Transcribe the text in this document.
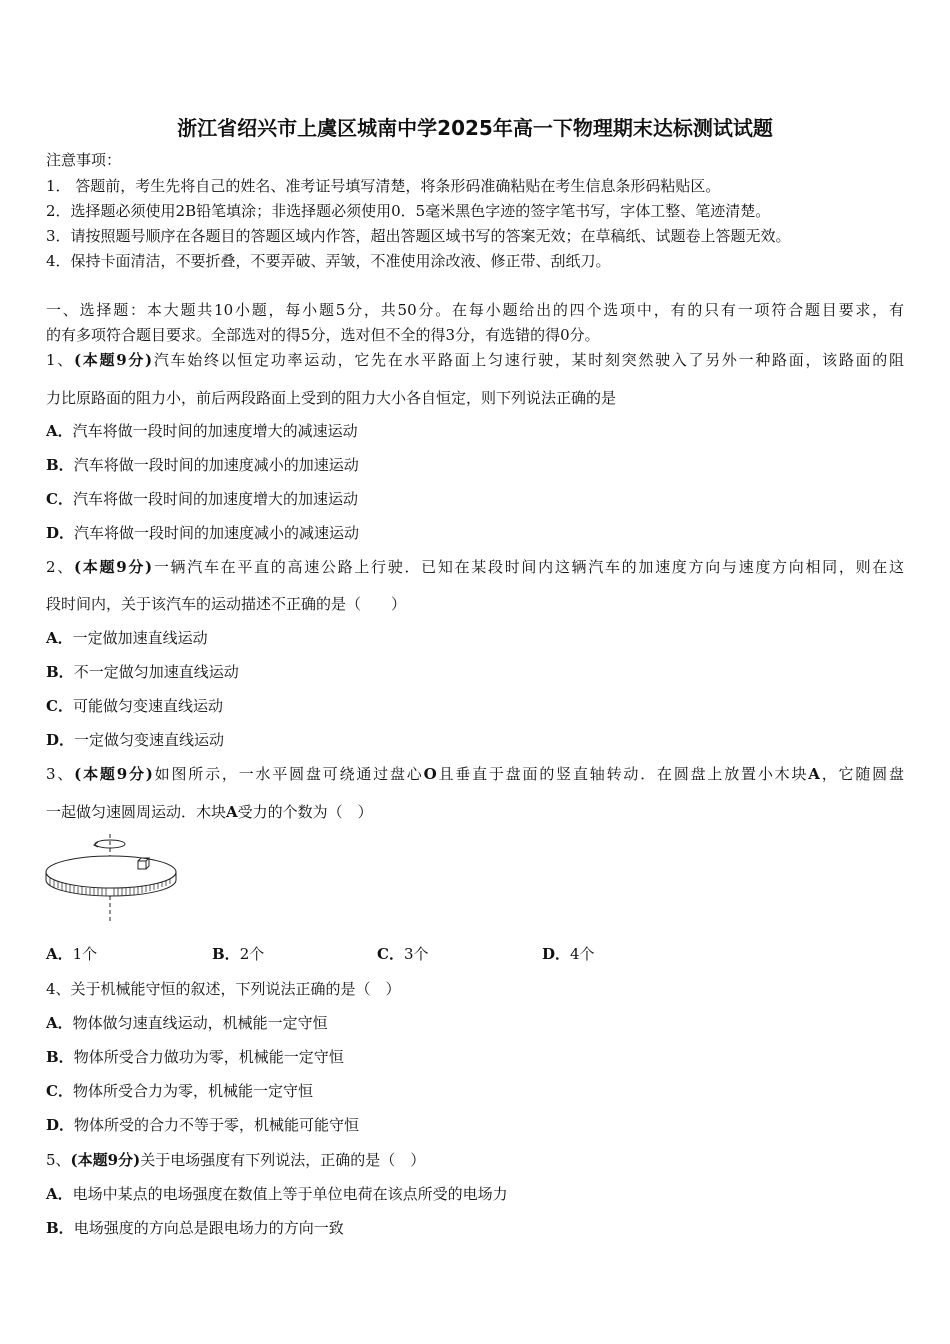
浙江省绍兴市上虞区城南中学2025年高一下物理期末达标测试试题
注意事项：
1． 答题前，考生先将自己的姓名、准考证号填写清楚，将条形码准确粘贴在考生信息条形码粘贴区。
2．选择题必须使用2B铅笔填涂；非选择题必须使用0．5毫米黑色字迹的签字笔书写，字体工整、笔迹清楚。
3．请按照题号顺序在各题目的答题区域内作答，超出答题区域书写的答案无效；在草稿纸、试题卷上答题无效。
4．保持卡面清洁，不要折叠，不要弄破、弄皱，不准使用涂改液、修正带、刮纸刀。
一、选择题：本大题共10小题，每小题5分，共50分。在每小题给出的四个选项中，有的只有一项符合题目要求，有
的有多项符合题目要求。全部选对的得5分，选对但不全的得3分，有选错的得0分。
1、(本题9分)汽车始终以恒定功率运动，它先在水平路面上匀速行驶，某时刻突然驶入了另外一种路面，该路面的阻
力比原路面的阻力小，前后两段路面上受到的阻力大小各自恒定，则下列说法正确的是
A．汽车将做一段时间的加速度增大的减速运动
B．汽车将做一段时间的加速度减小的加速运动
C．汽车将做一段时间的加速度增大的加速运动
D．汽车将做一段时间的加速度减小的减速运动
2、(本题9分)一辆汽车在平直的高速公路上行驶．已知在某段时间内这辆汽车的加速度方向与速度方向相同，则在这
段时间内，关于该汽车的运动描述不正确的是（　　）
A．一定做加速直线运动
B．不一定做匀加速直线运动
C．可能做匀变速直线运动
D．一定做匀变速直线运动
3、(本题9分)如图所示，一水平圆盘可绕通过盘心O且垂直于盘面的竖直轴转动．在圆盘上放置小木块A，它随圆盘
一起做匀速圆周运动．木块A受力的个数为（　）
A．1个	B．2个	C．3个	D．4个
4、关于机械能守恒的叙述，下列说法正确的是（　）
A．物体做匀速直线运动，机械能一定守恒
B．物体所受合力做功为零，机械能一定守恒
C．物体所受合力为零，机械能一定守恒
D．物体所受的合力不等于零，机械能可能守恒
5、(本题9分)关于电场强度有下列说法，正确的是（　）
A．电场中某点的电场强度在数值上等于单位电荷在该点所受的电场力
B．电场强度的方向总是跟电场力的方向一致
